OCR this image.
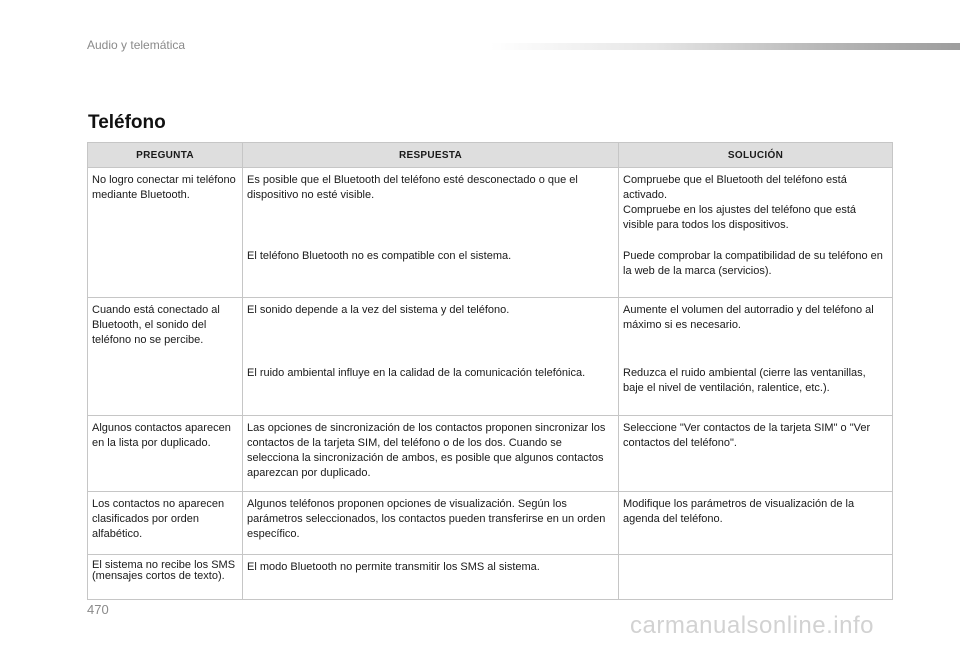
Audio y telemática
Teléfono
PREGUNTA	RESPUESTA	SOLUCIÓN
No logro conectar mi teléfono mediante Bluetooth.	Es posible que el Bluetooth del teléfono esté desconectado o que el dispositivo no esté visible.	Compruebe que el Bluetooth del teléfono está activado.
Compruebe en los ajustes del teléfono que está visible para todos los dispositivos.
	El teléfono Bluetooth no es compatible con el sistema.	Puede comprobar la compatibilidad de su teléfono en la web de la marca (servicios).
Cuando está conectado al Bluetooth, el sonido del teléfono no se percibe.	El sonido depende a la vez del sistema y del teléfono.	Aumente el volumen del autorradio y del teléfono al máximo si es necesario.
	El ruido ambiental influye en la calidad de la comunicación telefónica.	Reduzca el ruido ambiental (cierre las ventanillas, baje el nivel de ventilación, ralentice, etc.).
Algunos contactos aparecen en la lista por duplicado.	Las opciones de sincronización de los contactos proponen sincronizar los contactos de la tarjeta SIM, del teléfono o de los dos. Cuando se selecciona la sincronización de ambos, es posible que algunos contactos aparezcan por duplicado.	Seleccione "Ver contactos de la tarjeta SIM" o "Ver contactos del teléfono".
Los contactos no aparecen clasificados por orden alfabético.	Algunos teléfonos proponen opciones de visualización. Según los parámetros seleccionados, los contactos pueden transferirse en un orden específico.	Modifique los parámetros de visualización de la agenda del teléfono.
El sistema no recibe los SMS (mensajes cortos de texto).	El modo Bluetooth no permite transmitir los SMS al sistema.	
470
carmanualsonline.info
